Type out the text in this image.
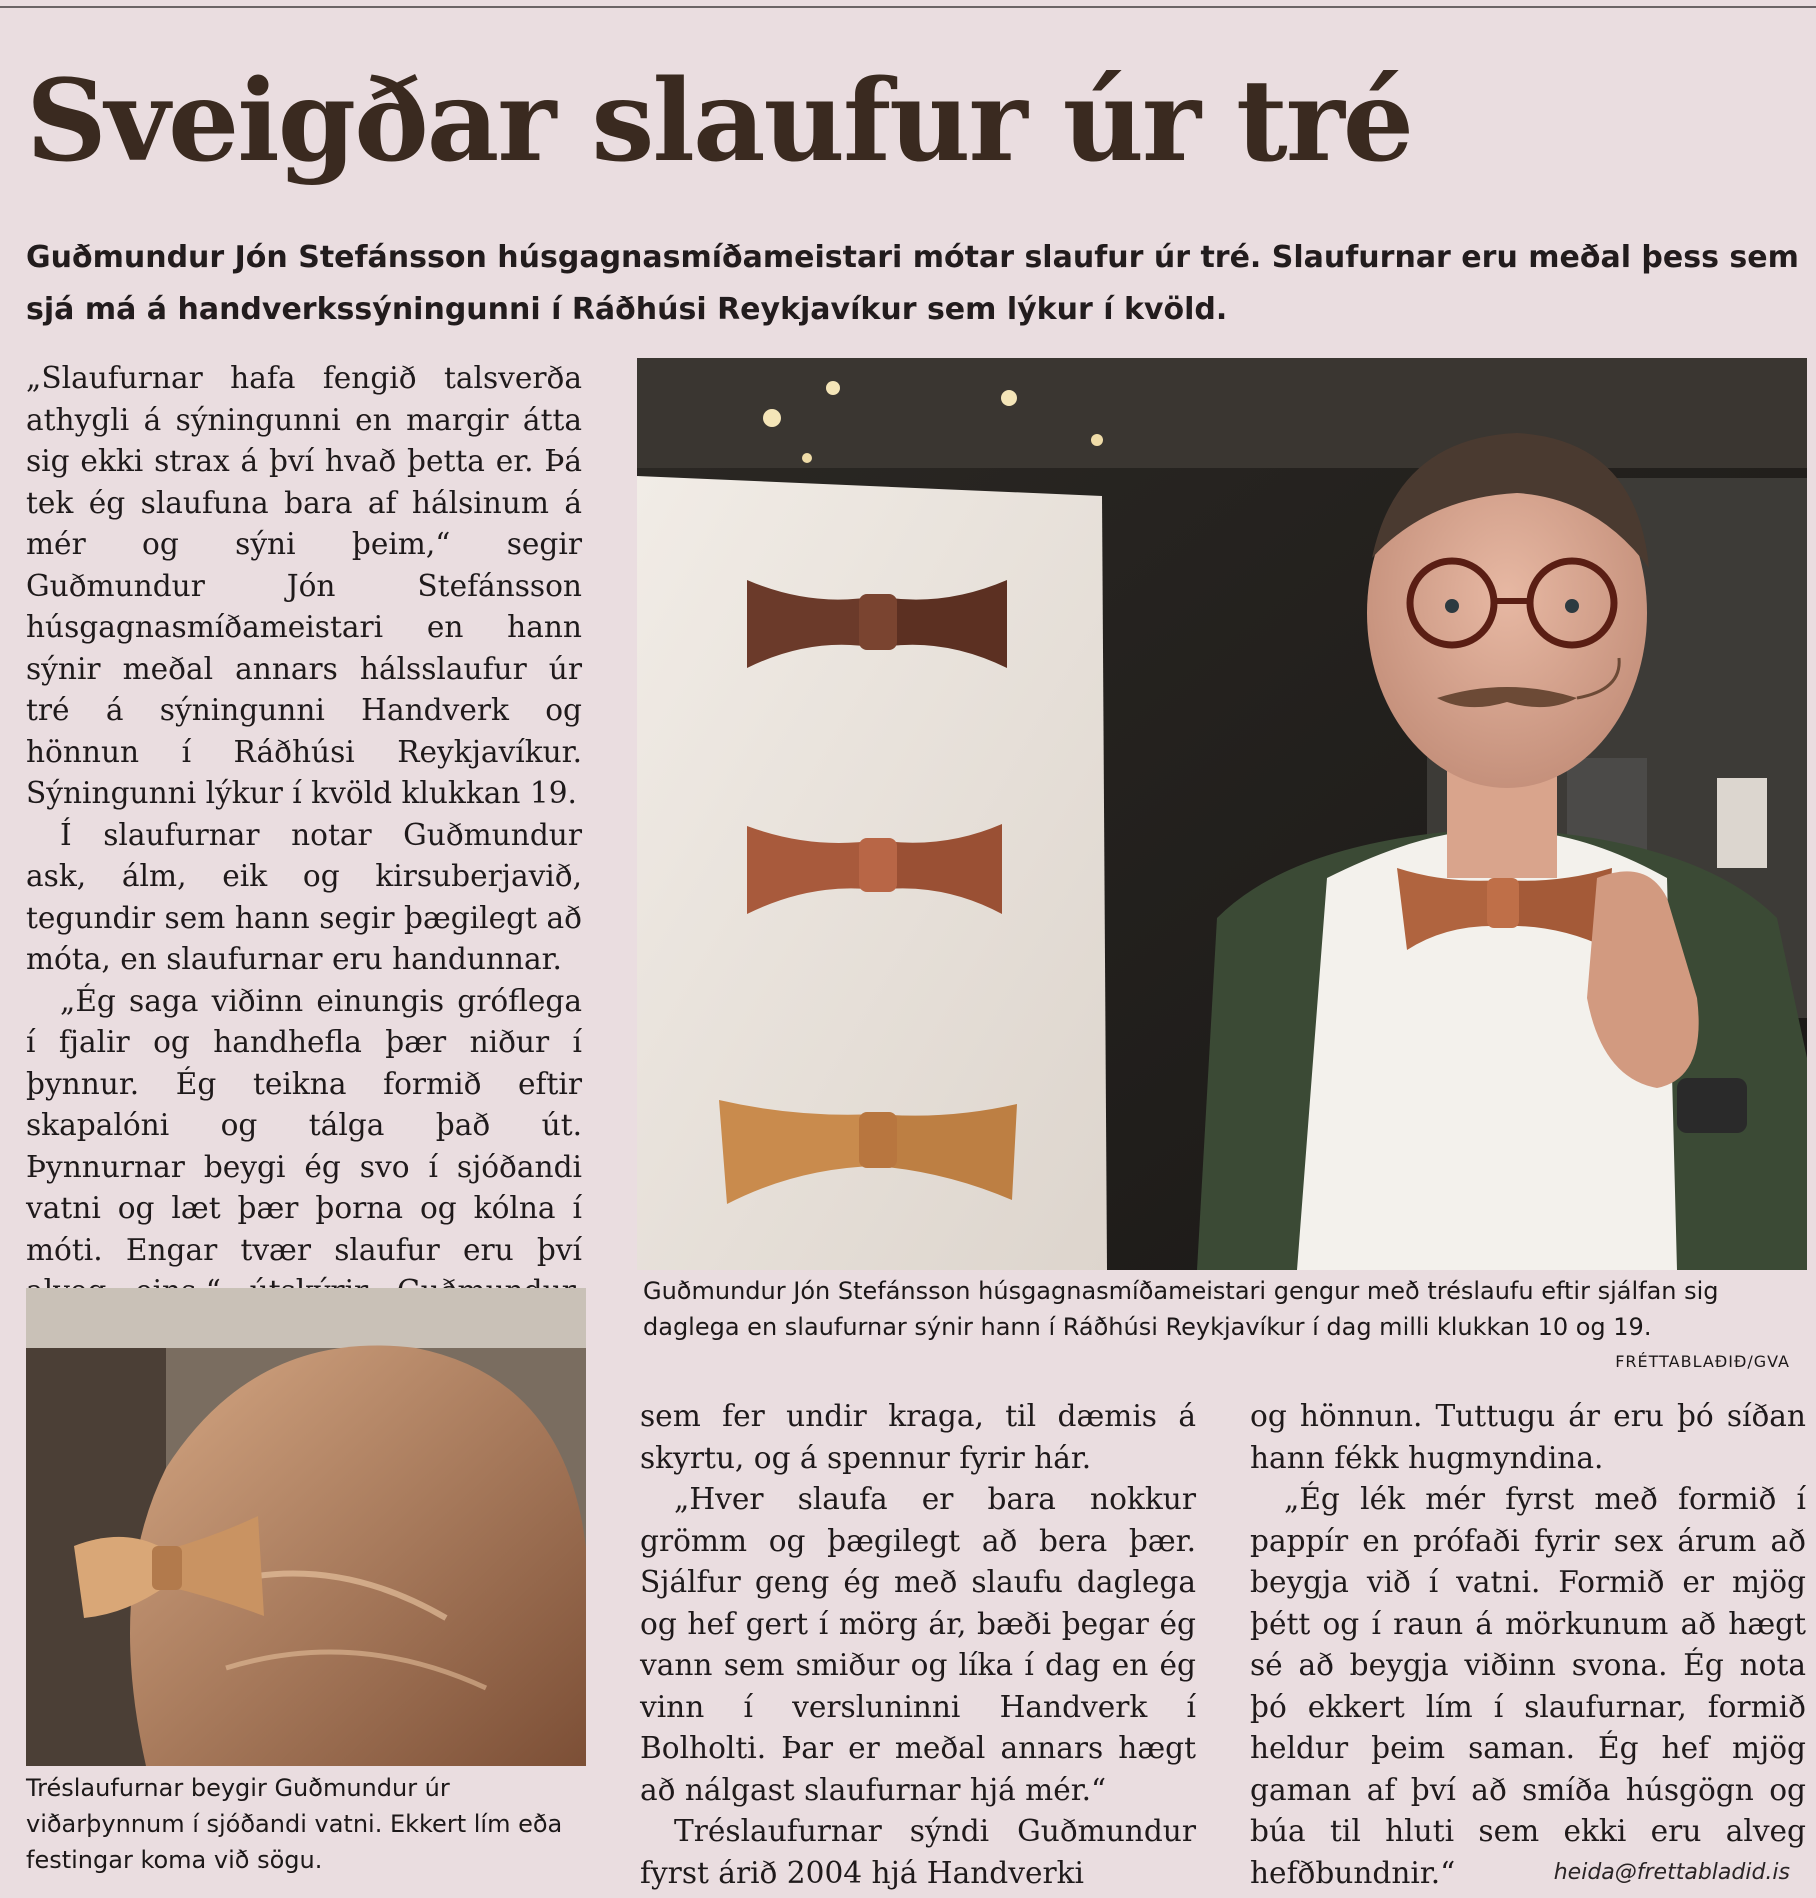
Sveigðar slaufur úr tré

Guðmundur Jón Stefánsson húsgagnasmíðameistari mótar slaufur úr tré. Slaufurnar eru meðal þess sem sjá má á handverkssýningunni í Ráðhúsi Reykjavíkur sem lýkur í kvöld.

„Slaufurnar hafa fengið talsverða athygli á sýningunni en margir átta sig ekki strax á því hvað þetta er. Þá tek ég slaufuna bara af hálsinum á mér og sýni þeim,“ segir Guðmundur Jón Stefánsson húsgagnasmíðameistari en hann sýnir meðal annars hálsslaufur úr tré á sýningunni Handverk og hönnun í Ráðhúsi Reykjavíkur. Sýningunni lýkur í kvöld klukkan 19.

Í slaufurnar notar Guðmundur ask, álm, eik og kirsuberjavið, tegundir sem hann segir þægilegt að móta, en slaufurnar eru handunnar.

„Ég saga viðinn einungis gróflega í fjalir og handhefla þær niður í þynnur. Ég teikna formið eftir skapalóni og tálga það út. Þynnurnar beygi ég svo í sjóðandi vatni og læt þær þorna og kólna í móti. Engar tvær slaufur eru því

Guðmundur Jón Stefánsson húsgagnasmíðameistari gengur með tréslaufu eftir sjálfan sig daglega en slaufurnar sýnir hann í Ráðhúsi Reykjavíkur í dag milli klukkan 10 og 19.

FRÉTTABLAÐIÐ/GVA

Tréslaufurnar beygir Guðmundur úr viðarþynnum í sjóðandi vatni. Ekkert lím eða festingar koma við sögu.

sem fer undir kraga, til dæmis á skyrtu, og á spennur fyrir hár.

„Hver slaufa er bara nokkur grömm og þægilegt að bera þær. Sjálfur geng ég með slaufu daglega og hef gert í mörg ár, bæði þegar ég vann sem smiður og líka í dag en ég vinn í versluninni Handverk í Bolholti. Þar er meðal annars hægt að nálgast slaufurnar hjá mér.“

Tréslaufurnar sýndi Guðmundur fyrst árið 2004 hjá Handverki

og hönnun. Tuttugu ár eru þó síðan hann fékk hugmyndina.

„Ég lék mér fyrst með formið í pappír en prófaði fyrir sex árum að beygja við í vatni. Formið er mjög þétt og í raun á mörkunum að hægt sé að beygja viðinn svona. Ég nota þó ekkert lím í slaufurnar, formið heldur þeim saman. Ég hef mjög gaman af því að smíða húsgögn og búa til hluti sem ekki eru alveg hefðbundnir.“	heida@frettabladid.is
